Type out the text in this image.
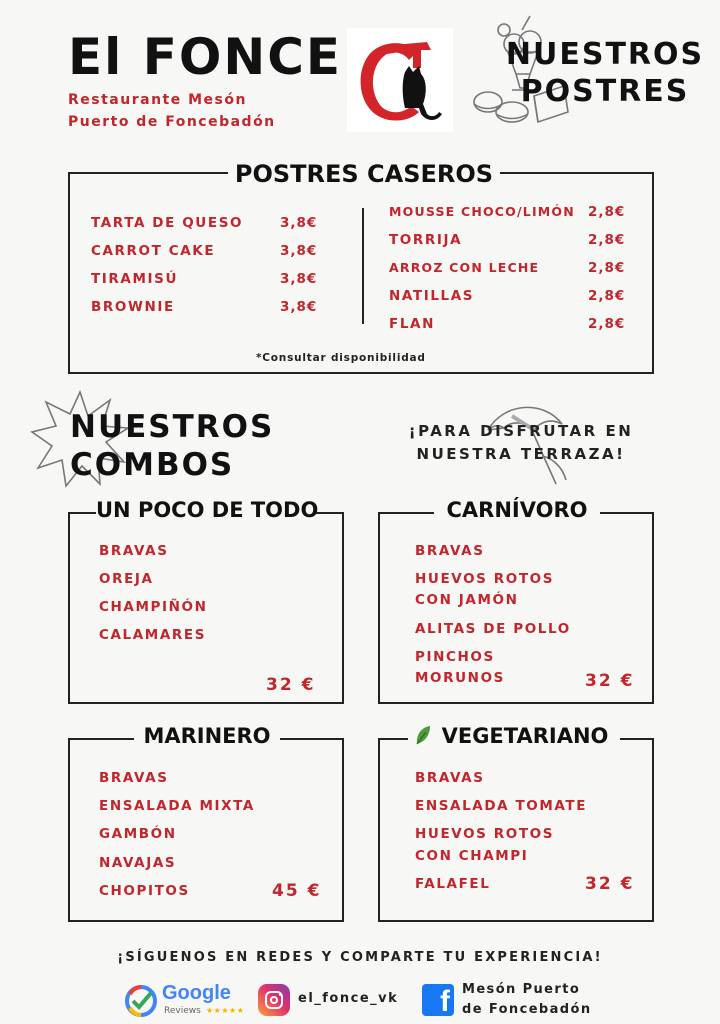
El FONCE
Restaurante Mesón
Puerto de Foncebadón
NUESTROS
POSTRES
POSTRES CASEROS
TARTA DE QUESO	3,8€
CARROT CAKE	3,8€
TIRAMISÚ	3,8€
BROWNIE	3,8€
MOUSSE CHOCO/LIMÓN 2,8€
TORRIJA	2,8€
ARROZ CON LECHE	2,8€
NATILLAS	2,8€
FLAN	2,8€
*Consultar disponibilidad
NUESTROS
COMBOS
¡PARA DISFRUTAR EN
NUESTRA TERRAZA!
UN POCO DE TODO
BRAVAS
OREJA
CHAMPIÑÓN
CALAMARES
32 €
CARNÍVORO
BRAVAS
HUEVOS ROTOS
CON JAMÓN
ALITAS DE POLLO
PINCHOS
MORUNOS	32 €
MARINERO
BRAVAS
ENSALADA MIXTA
GAMBÓN
NAVAJAS
CHOPITOS	45 €
VEGETARIANO
BRAVAS
ENSALADA TOMATE
HUEVOS ROTOS
CON CHAMPI
FALAFEL	32 €
¡SÍGUENOS EN REDES Y COMPARTE TU EXPERIENCIA!
Google
Reviews ★★★★★
el_fonce_vk	f Mesón Puerto
de Foncebadón
